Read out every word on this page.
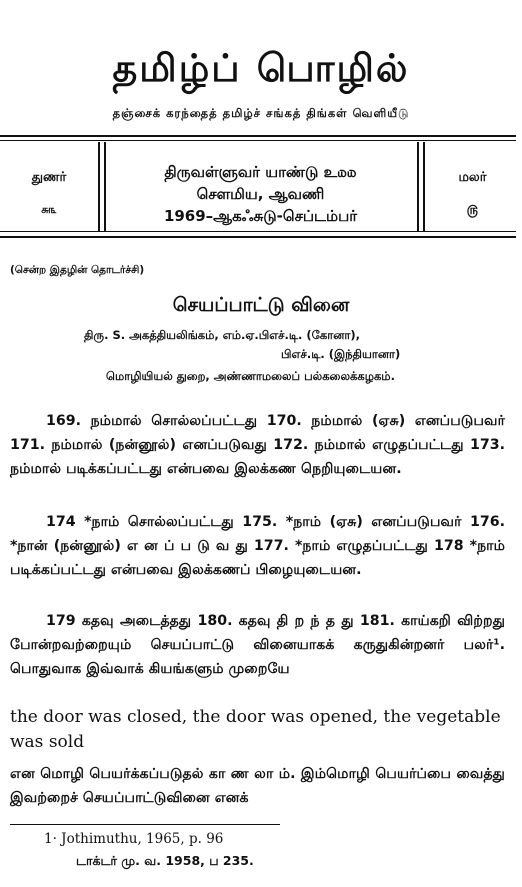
தமிழ்ப் பொழில்
தஞ்சைக் கரந்தைத் தமிழ்ச் சங்கத் திங்கள் வெளியீடு
துணர்
சு௩
திருவள்ளுவர் யாண்டு உ௰௰
சௌமிய, ஆவணி
1969–ஆகஃசுடு-செப்டம்பர்
மலர்
௫
(சென்ற இதழின் தொடர்ச்சி)
செயப்பாட்டு வினை
திரு. S. அகத்தியலிங்கம், எம்.ஏ.பிஎச்.டி. (கோனா),
பிஎச்.டி. (இந்தியானா)
மொழியியல் துறை, அண்ணாமலைப் பல்கலைக்கழகம்.

169. நம்மால் சொல்லப்பட்டது 170. நம்மால் (ஏசு) எனப்படுபவர் 171. நம்மால் (நன்னூல்) எனப்படுவது 172. நம்மால் எழுதப்பட்டது 173. நம்மால் படிக்கப்பட்டது என்பவை இலக்கண நெறியுடையன.

174 *நாம் சொல்லப்பட்டது 175. *நாம் (ஏசு) எனப்படுபவர் 176. *நான் (நன்னூல்) எ ன ப் ப டு வ து 177. *நாம் எழுதப்பட்டது 178 *நாம் படிக்கப்பட்டது என்பவை இலக்கணப் பிழையுடையன.

179 கதவு அடைத்தது 180. கதவு தி ற ந் த து 181. காய்கறி விற்றது போன்றவற்றையும் செயப்பாட்டு வினையாகக் கருதுகின்றனர் பலர்¹. பொதுவாக இவ்வாக் கியங்களும் முறையே

the door was closed, the door was opened, the vegetable was sold

என மொழி பெயர்க்கப்படுதல் கா ண லா ம். இம்மொழி பெயர்ப்பை வைத்து இவற்றைச் செயப்பாட்டுவினை எனக்

1· Jothimuthu, 1965, p. 96
டாக்டர் மு. வ. 1958, ப 235.
